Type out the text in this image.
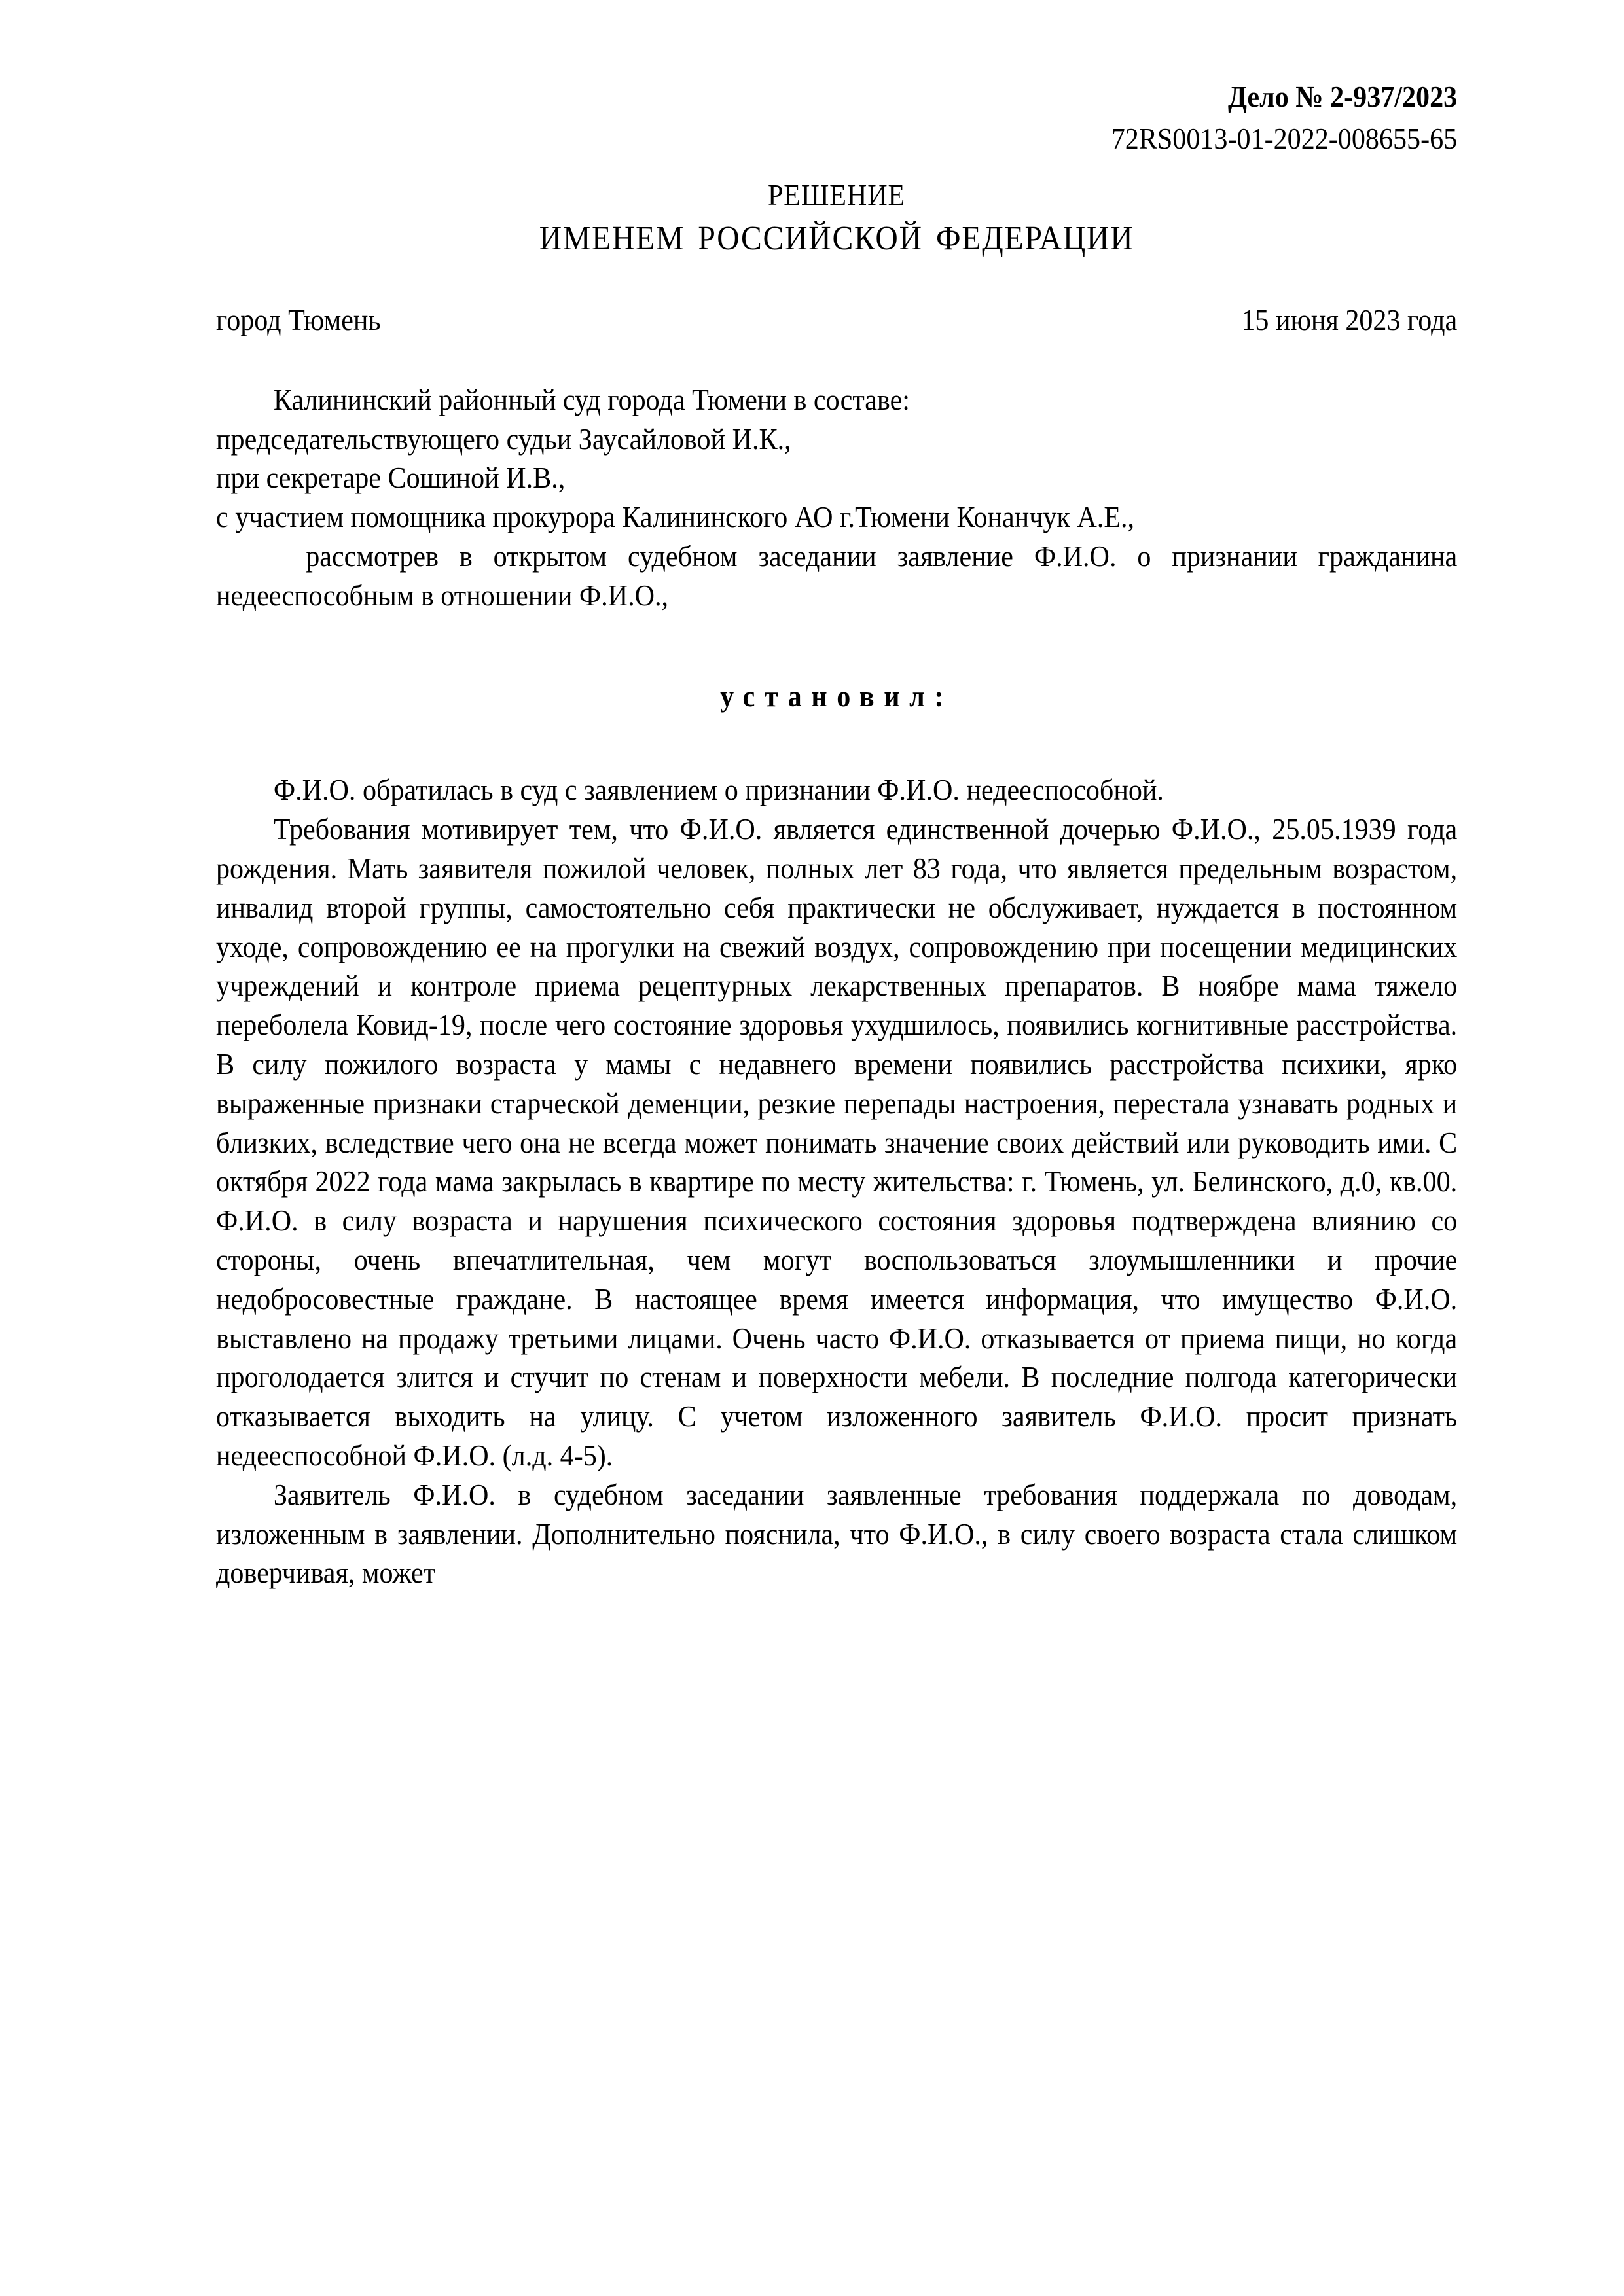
Дело № 2-937/2023
72RS0013-01-2022-008655-65
РЕШЕНИЕ
ИМЕНЕМ РОССИЙСКОЙ ФЕДЕРАЦИИ
город Тюмень	15 июня 2023 года
Калининский районный суд города Тюмени в составе:
председательствующего судьи Заусайловой И.К.,
при секретаре Сошиной И.В.,
с участием помощника прокурора Калининского АО г.Тюмени Конанчук А.Е.,
рассмотрев в открытом судебном заседании заявление Ф.И.О. о признании гражданина недееспособным в отношении Ф.И.О.,
установил:

Ф.И.О. обратилась в суд с заявлением о признании Ф.И.О. недееспособной.

Требования мотивирует тем, что Ф.И.О. является единственной дочерью Ф.И.О., 25.05.1939 года рождения. Мать заявителя пожилой человек, полных лет 83 года, что является предельным возрастом, инвалид второй группы, самостоятельно себя практически не обслуживает, нуждается в постоянном уходе, сопровождению ее на прогулки на свежий воздух, сопровождению при посещении медицинских учреждений и контроле приема рецептурных лекарственных препаратов. В ноябре мама тяжело переболела Ковид-19, после чего состояние здоровья ухудшилось, появились когнитивные расстройства. В силу пожилого возраста у мамы с недавнего времени появились расстройства психики, ярко выраженные признаки старческой деменции, резкие перепады настроения, перестала узнавать родных и близких, вследствие чего она не всегда может понимать значение своих действий или руководить ими. С октября 2022 года мама закрылась в квартире по месту жительства: г. Тюмень, ул. Белинского, д.0, кв.00. Ф.И.О. в силу возраста и нарушения психического состояния здоровья подтверждена влиянию со стороны, очень впечатлительная, чем могут воспользоваться злоумышленники и прочие недобросовестные граждане. В настоящее время имеется информация, что имущество Ф.И.О. выставлено на продажу третьими лицами. Очень часто Ф.И.О. отказывается от приема пищи, но когда проголодается злится и стучит по стенам и поверхности мебели. В последние полгода категорически отказывается выходить на улицу. С учетом изложенного заявитель Ф.И.О. просит признать недееспособной Ф.И.О. (л.д. 4-5).

Заявитель Ф.И.О. в судебном заседании заявленные требования поддержала по доводам, изложенным в заявлении. Дополнительно пояснила, что Ф.И.О., в силу своего возраста стала слишком доверчивая, может
